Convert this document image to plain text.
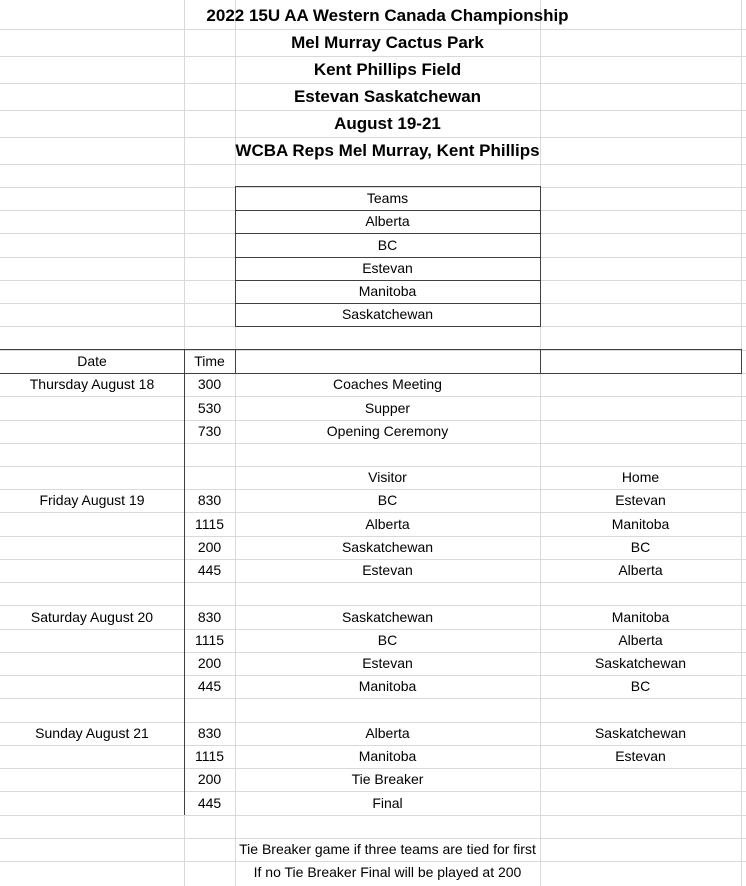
2022 15U AA Western Canada Championship
Mel Murray Cactus Park
Kent Phillips Field
Estevan Saskatchewan
August 19-21
WCBA Reps Mel Murray, Kent Phillips
Teams
Alberta
BC
Estevan
Manitoba
Saskatchewan
Date	Time
Thursday August 18	300	Coaches Meeting
530	Supper
730	Opening Ceremony
Visitor	Home
Friday August 19	830	BC	Estevan
1115	Alberta	Manitoba
200	Saskatchewan	BC
445	Estevan	Alberta
Saturday August 20	830	Saskatchewan	Manitoba
1115	BC	Alberta
200	Estevan	Saskatchewan
445	Manitoba	BC
Sunday August 21	830	Alberta	Saskatchewan
1115	Manitoba	Estevan
200	Tie Breaker
445	Final
Tie Breaker game if three teams are tied for first
If no Tie Breaker Final will be played at 200
